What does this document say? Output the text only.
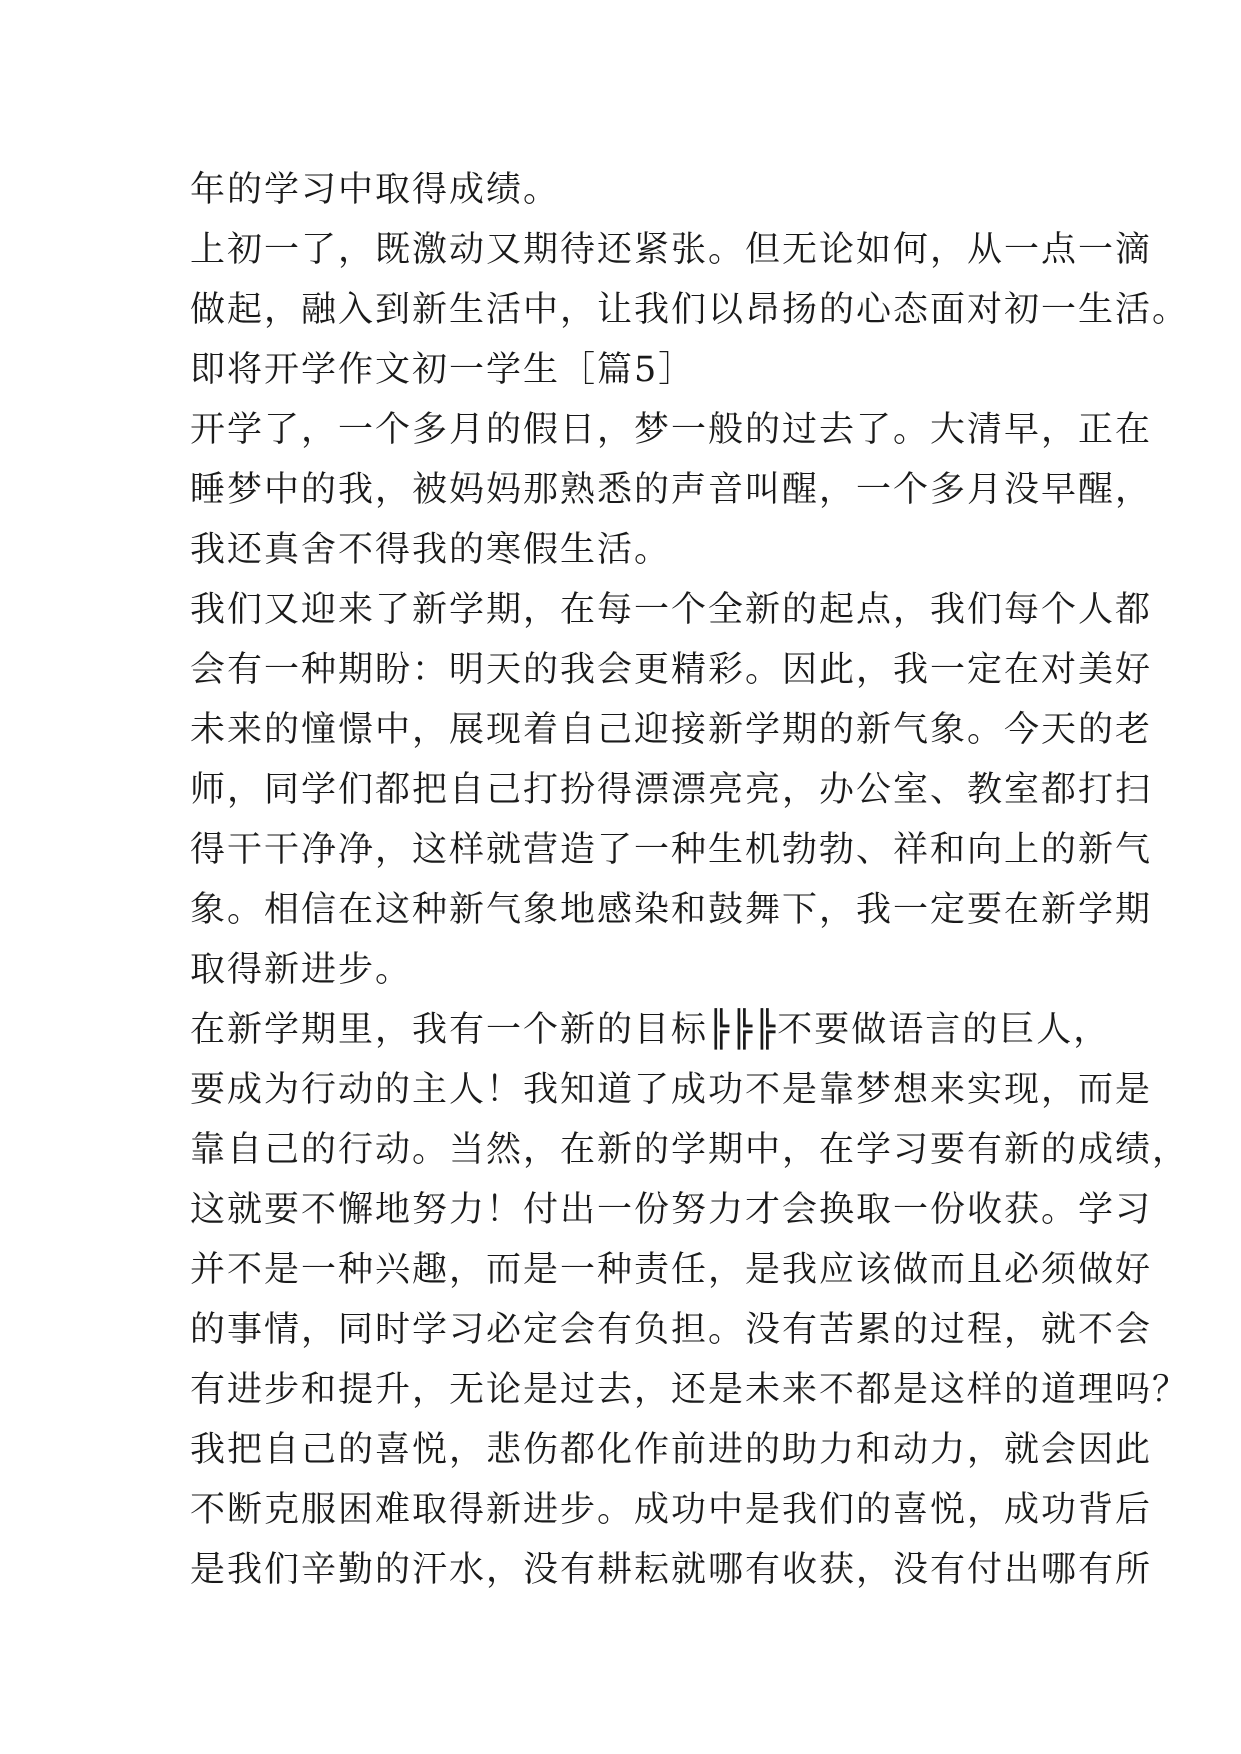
年的学习中取得成绩。

上初一了，既激动又期待还紧张。但无论如何，从一点一滴

做起，融入到新生活中，让我们以昂扬的心态面对初一生活。

即将开学作文初一学生［篇5］

开学了，一个多月的假日，梦一般的过去了。大清早，正在

睡梦中的我，被妈妈那熟悉的声音叫醒，一个多月没早醒，

我还真舍不得我的寒假生活。

我们又迎来了新学期，在每一个全新的起点，我们每个人都

会有一种期盼：明天的我会更精彩。因此，我一定在对美好

未来的憧憬中，展现着自己迎接新学期的新气象。今天的老

师，同学们都把自己打扮得漂漂亮亮，办公室、教室都打扫

得干干净净，这样就营造了一种生机勃勃、祥和向上的新气

象。相信在这种新气象地感染和鼓舞下，我一定要在新学期

取得新进步。

在新学期里，我有一个新的目标╠╠╠不要做语言的巨人，

要成为行动的主人！我知道了成功不是靠梦想来实现，而是

靠自己的行动。当然，在新的学期中，在学习要有新的成绩，

这就要不懈地努力！付出一份努力才会换取一份收获。学习

并不是一种兴趣，而是一种责任，是我应该做而且必须做好

的事情，同时学习必定会有负担。没有苦累的过程，就不会

有进步和提升，无论是过去，还是未来不都是这样的道理吗？

我把自己的喜悦，悲伤都化作前进的助力和动力，就会因此

不断克服困难取得新进步。成功中是我们的喜悦，成功背后

是我们辛勤的汗水，没有耕耘就哪有收获，没有付出哪有所
